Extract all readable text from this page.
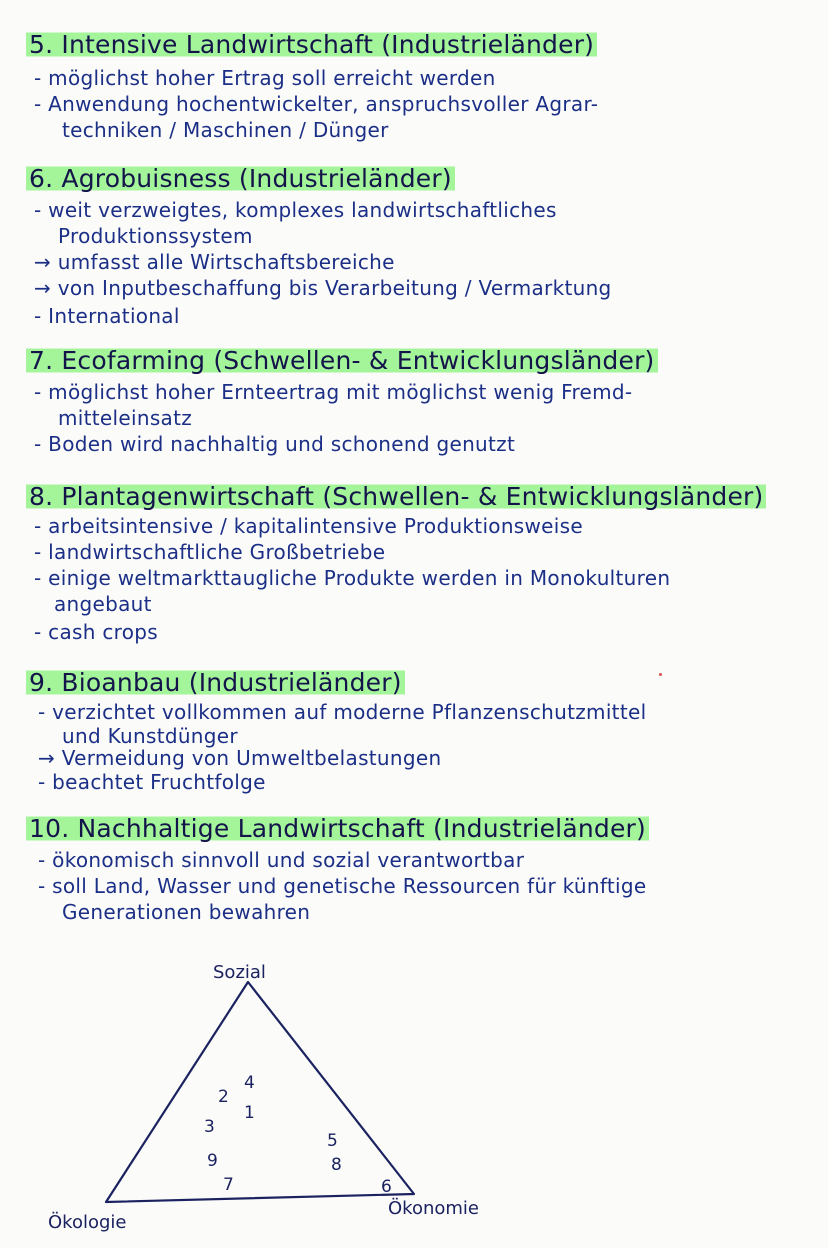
5. Intensive Landwirtschaft (Industrieländer)
- möglichst hoher Ertrag soll erreicht werden
- Anwendung hochentwickelter, anspruchsvoller Agrar-
techniken / Maschinen / Dünger
6. Agrobuisness (Industrieländer)
- weit verzweigtes, komplexes landwirtschaftliches
Produktionssystem
→ umfasst alle Wirtschaftsbereiche
→ von Inputbeschaffung bis Verarbeitung / Vermarktung
- International
7. Ecofarming (Schwellen- & Entwicklungsländer)
- möglichst hoher Ernteertrag mit möglichst wenig Fremd-
mitteleinsatz
- Boden wird nachhaltig und schonend genutzt
8. Plantagenwirtschaft (Schwellen- & Entwicklungsländer)
- arbeitsintensive / kapitalintensive Produktionsweise
- landwirtschaftliche Großbetriebe
- einige weltmarkttaugliche Produkte werden in Monokulturen
angebaut
- cash crops
9. Bioanbau (Industrieländer)
- verzichtet vollkommen auf moderne Pflanzenschutzmittel
und Kunstdünger
→ Vermeidung von Umweltbelastungen
- beachtet Fruchtfolge
10. Nachhaltige Landwirtschaft (Industrieländer)
- ökonomisch sinnvoll und sozial verantwortbar
- soll Land, Wasser und genetische Ressourcen für künftige
Generationen bewahren
Sozial
Ökologie
Ökonomie
4
2
1
3
5
9	8
7	6
